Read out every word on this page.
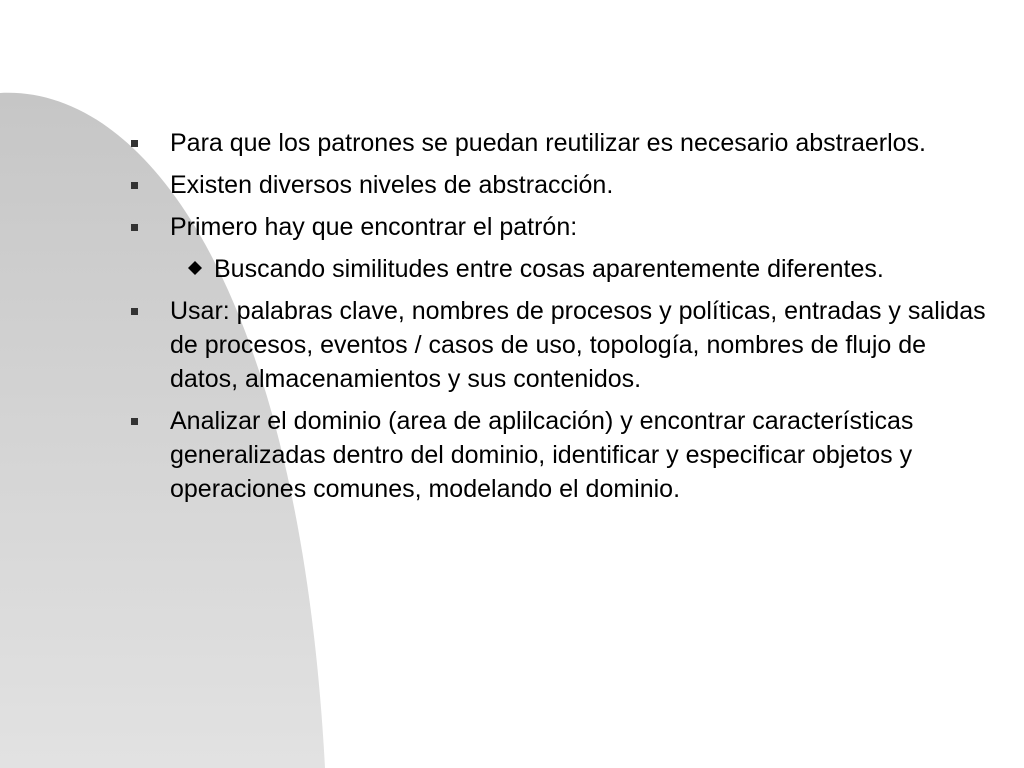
Para que los patrones se puedan reutilizar es necesario abstraerlos.
Existen diversos niveles de abstracción.
Primero hay que encontrar el patrón:
Buscando similitudes entre cosas aparentemente diferentes.
Usar: palabras clave, nombres de procesos y políticas, entradas y salidas de procesos, eventos / casos de uso, topología, nombres de flujo de datos, almacenamientos y sus contenidos.
Analizar el dominio (area de aplilcación) y encontrar características generalizadas dentro del dominio, identificar y especificar objetos y operaciones comunes, modelando el dominio.
